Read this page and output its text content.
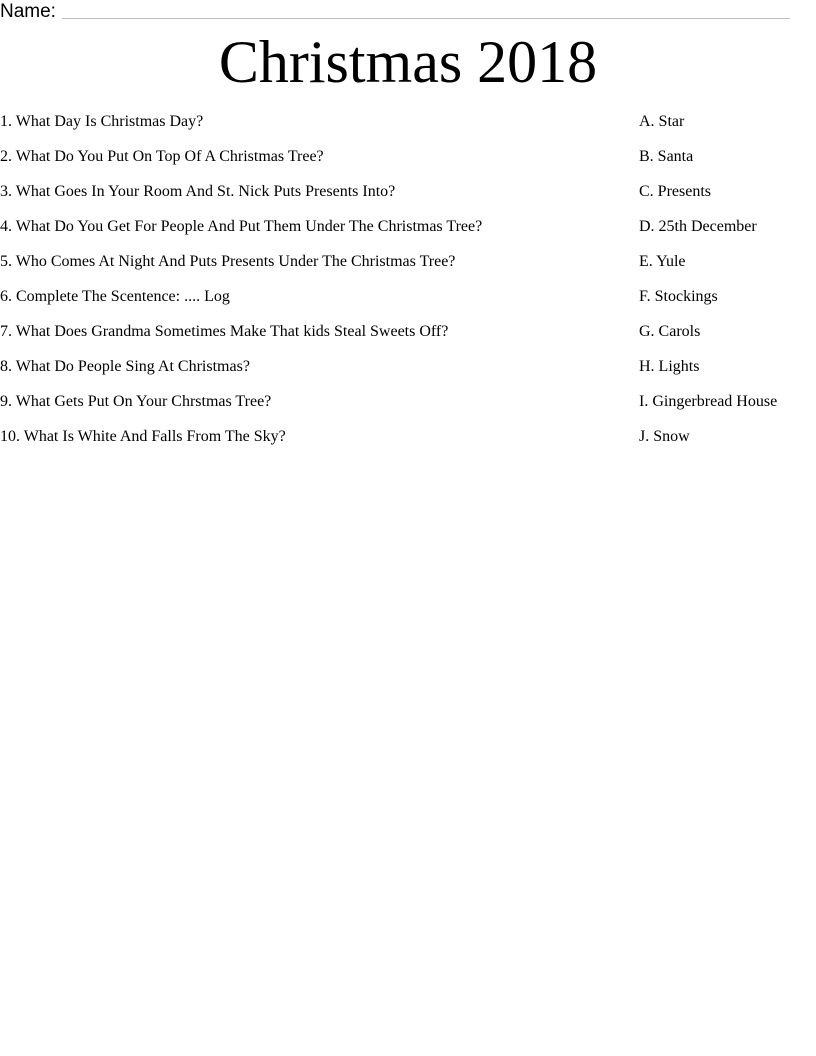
Name:
Christmas 2018
1. What Day Is Christmas Day?
2. What Do You Put On Top Of A Christmas Tree?
3. What Goes In Your Room And St. Nick Puts Presents Into?
4. What Do You Get For People And Put Them Under The Christmas Tree?
5. Who Comes At Night And Puts Presents Under The Christmas Tree?
6. Complete The Scentence: .... Log
7. What Does Grandma Sometimes Make That kids Steal Sweets Off?
8. What Do People Sing At Christmas?
9. What Gets Put On Your Chrstmas Tree?
10. What Is White And Falls From The Sky?
A. Star
B. Santa
C. Presents
D. 25th December
E. Yule
F. Stockings
G. Carols
H. Lights
I. Gingerbread House
J. Snow
